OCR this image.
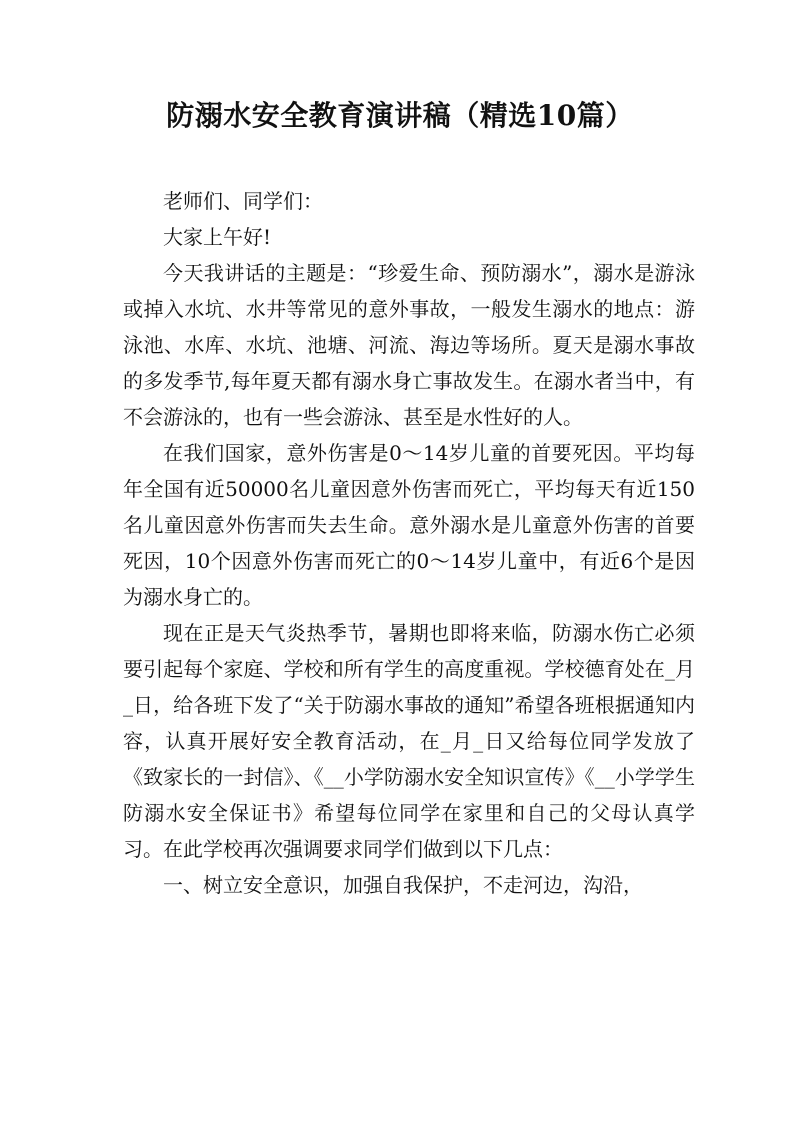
防溺水安全教育演讲稿（精选10篇）

老师们、同学们：

大家上午好!

今天我讲话的主题是：“珍爱生命、预防溺水”，溺水是游泳或掉入水坑、水井等常见的意外事故，一般发生溺水的地点：游泳池、水库、水坑、池塘、河流、海边等场所。夏天是溺水事故的多发季节,每年夏天都有溺水身亡事故发生。在溺水者当中，有不会游泳的，也有一些会游泳、甚至是水性好的人。

在我们国家，意外伤害是0～14岁儿童的首要死因。平均每年全国有近50000名儿童因意外伤害而死亡，平均每天有近150名儿童因意外伤害而失去生命。意外溺水是儿童意外伤害的首要死因，10个因意外伤害而死亡的0～14岁儿童中，有近6个是因为溺水身亡的。

现在正是天气炎热季节，暑期也即将来临，防溺水伤亡必须要引起每个家庭、学校和所有学生的高度重视。学校德育处在_月_日，给各班下发了“关于防溺水事故的通知”希望各班根据通知内容，认真开展好安全教育活动，在_月_日又给每位同学发放了《致家长的一封信》、《__小学防溺水安全知识宣传》《__小学学生防溺水安全保证书》希望每位同学在家里和自己的父母认真学习。在此学校再次强调要求同学们做到以下几点：

一、树立安全意识，加强自我保护，不走河边，沟沿，
